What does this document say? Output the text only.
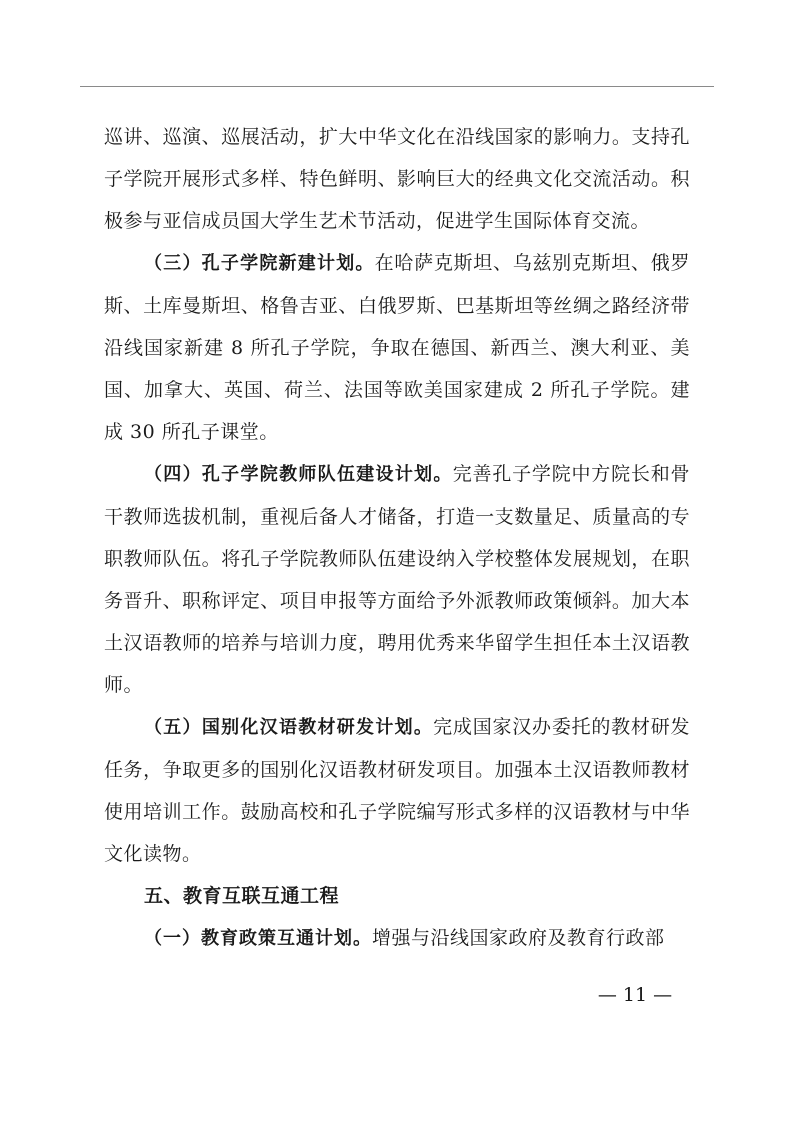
巡讲、巡演、巡展活动，扩大中华文化在沿线国家的影响力。支持孔子学院开展形式多样、特色鲜明、影响巨大的经典文化交流活动。积极参与亚信成员国大学生艺术节活动，促进学生国际体育交流。

（三）孔子学院新建计划。在哈萨克斯坦、乌兹别克斯坦、俄罗斯、土库曼斯坦、格鲁吉亚、白俄罗斯、巴基斯坦等丝绸之路经济带沿线国家新建 8 所孔子学院，争取在德国、新西兰、澳大利亚、美国、加拿大、英国、荷兰、法国等欧美国家建成 2 所孔子学院。建成 30 所孔子课堂。

（四）孔子学院教师队伍建设计划。完善孔子学院中方院长和骨干教师选拔机制，重视后备人才储备，打造一支数量足、质量高的专职教师队伍。将孔子学院教师队伍建设纳入学校整体发展规划，在职务晋升、职称评定、项目申报等方面给予外派教师政策倾斜。加大本土汉语教师的培养与培训力度，聘用优秀来华留学生担任本土汉语教师。

（五）国别化汉语教材研发计划。完成国家汉办委托的教材研发任务，争取更多的国别化汉语教材研发项目。加强本土汉语教师教材使用培训工作。鼓励高校和孔子学院编写形式多样的汉语教材与中华文化读物。

五、教育互联互通工程

（一）教育政策互通计划。增强与沿线国家政府及教育行政部

— 11 —
